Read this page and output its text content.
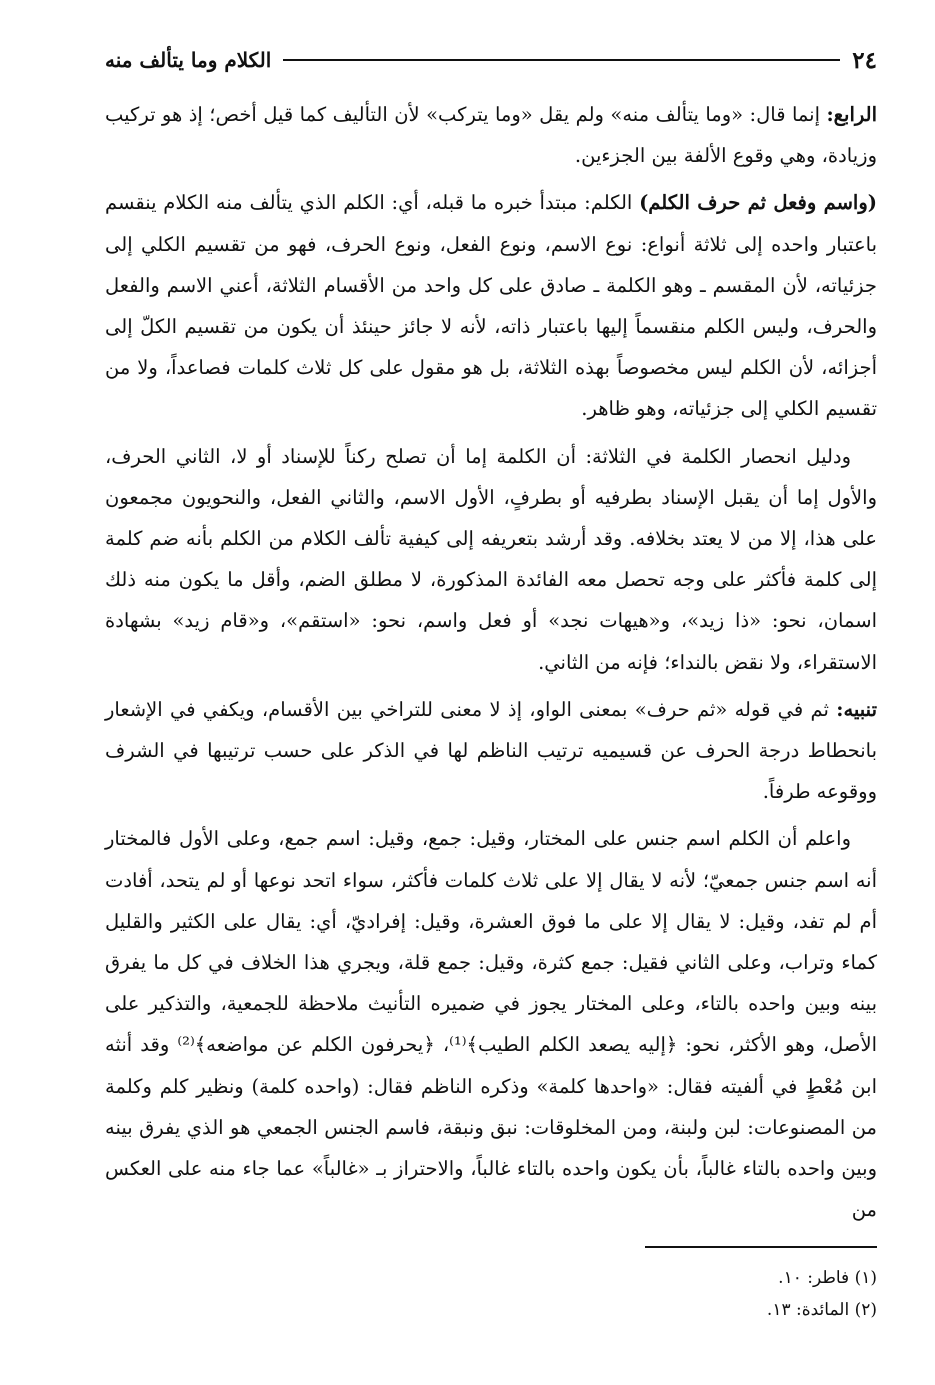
٢٤
الكلام وما يتألف منه

الرابع: إنما قال: «وما يتألف منه» ولم يقل «وما يتركب» لأن التأليف كما قيل أخص؛ إذ هو تركيب وزيادة، وهي وقوع الألفة بين الجزءين.

(واسم وفعل ثم حرف الكلم) الكلم: مبتدأ خبره ما قبله، أي: الكلم الذي يتألف منه الكلام ينقسم باعتبار واحده إلى ثلاثة أنواع: نوع الاسم، ونوع الفعل، ونوع الحرف، فهو من تقسيم الكلي إلى جزئياته، لأن المقسم ـ وهو الكلمة ـ صادق على كل واحد من الأقسام الثلاثة، أعني الاسم والفعل والحرف، وليس الكلم منقسماً إليها باعتبار ذاته، لأنه لا جائز حينئذ أن يكون من تقسيم الكلّ إلى أجزائه، لأن الكلم ليس مخصوصاً بهذه الثلاثة، بل هو مقول على كل ثلاث كلمات فصاعداً، ولا من تقسيم الكلي إلى جزئياته، وهو ظاهر.

ودليل انحصار الكلمة في الثلاثة: أن الكلمة إما أن تصلح ركناً للإسناد أو لا، الثاني الحرف، والأول إما أن يقبل الإسناد بطرفيه أو بطرفٍ، الأول الاسم، والثاني الفعل، والنحويون مجمعون على هذا، إلا من لا يعتد بخلافه. وقد أرشد بتعريفه إلى كيفية تألف الكلام من الكلم بأنه ضم كلمة إلى كلمة فأكثر على وجه تحصل معه الفائدة المذكورة، لا مطلق الضم، وأقل ما يكون منه ذلك اسمان، نحو: «ذا زيد»، و«هيهات نجد» أو فعل واسم، نحو: «استقم»، و«قام زيد» بشهادة الاستقراء، ولا نقض بالنداء؛ فإنه من الثاني.

تنبيه: ثم في قوله «ثم حرف» بمعنى الواو، إذ لا معنى للتراخي بين الأقسام، ويكفي في الإشعار بانحطاط درجة الحرف عن قسيميه ترتيب الناظم لها في الذكر على حسب ترتيبها في الشرف ووقوعه طرفاً.

واعلم أن الكلم اسم جنس على المختار، وقيل: جمع، وقيل: اسم جمع، وعلى الأول فالمختار أنه اسم جنس جمعيّ؛ لأنه لا يقال إلا على ثلاث كلمات فأكثر، سواء اتحد نوعها أو لم يتحد، أفادت أم لم تفد، وقيل: لا يقال إلا على ما فوق العشرة، وقيل: إفراديّ، أي: يقال على الكثير والقليل كماء وتراب، وعلى الثاني فقيل: جمع كثرة، وقيل: جمع قلة، ويجري هذا الخلاف في كل ما يفرق بينه وبين واحده بالتاء، وعلى المختار يجوز في ضميره التأنيث ملاحظة للجمعية، والتذكير على الأصل، وهو الأكثر، نحو: ﴿إليه يصعد الكلم الطيب﴾⁽¹⁾، ﴿يحرفون الكلم عن مواضعه﴾⁽²⁾ وقد أنثه ابن مُعْطٍ في ألفيته فقال: «واحدها كلمة» وذكره الناظم فقال: (واحده كلمة) ونظير كلم وكلمة من المصنوعات: لبن ولبنة، ومن المخلوقات: نبق ونبقة، فاسم الجنس الجمعي هو الذي يفرق بينه وبين واحده بالتاء غالباً، بأن يكون واحده بالتاء غالباً، والاحتراز بـ «غالباً» عما جاء منه على العكس من

(١) فاطر: ١٠.
(٢) المائدة: ١٣.
